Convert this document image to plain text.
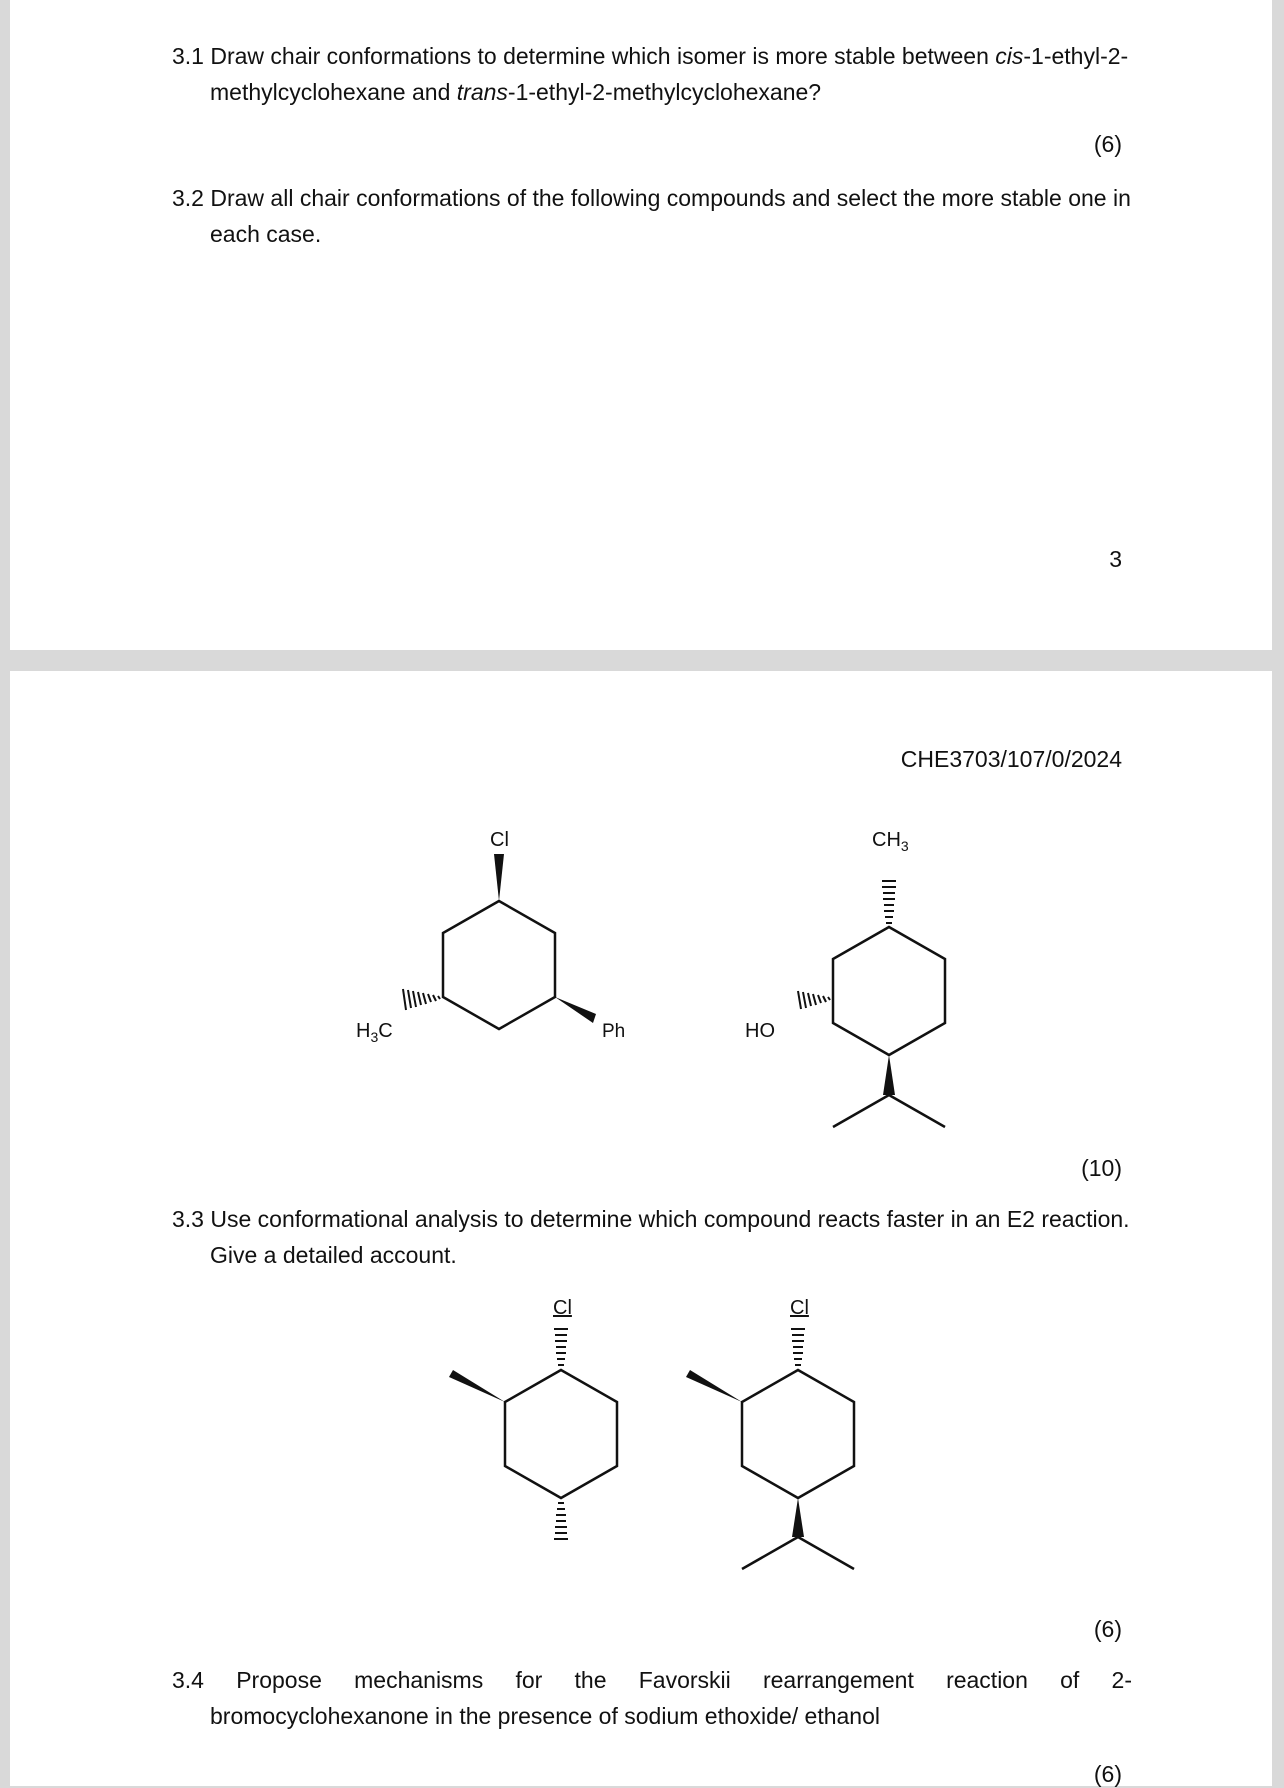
3.1 Draw chair conformations to determine which isomer is more stable between cis-1-ethyl-2-methylcyclohexane and trans-1-ethyl-2-methylcyclohexane?
(6)
3.2 Draw all chair conformations of the following compounds and select the more stable one in each case.
3
CHE3703/107/0/2024
Cl
Ph
$H_3C$
$CH_3$
HO
Cl	Cl
(10)
3.3 Use conformational analysis to determine which compound reacts faster in an E2 reaction. Give a detailed account.
(6)
3.4 Propose mechanisms for the Favorskii rearrangement reaction of 2-
bromocyclohexanone in the presence of sodium ethoxide/ ethanol
(6)
